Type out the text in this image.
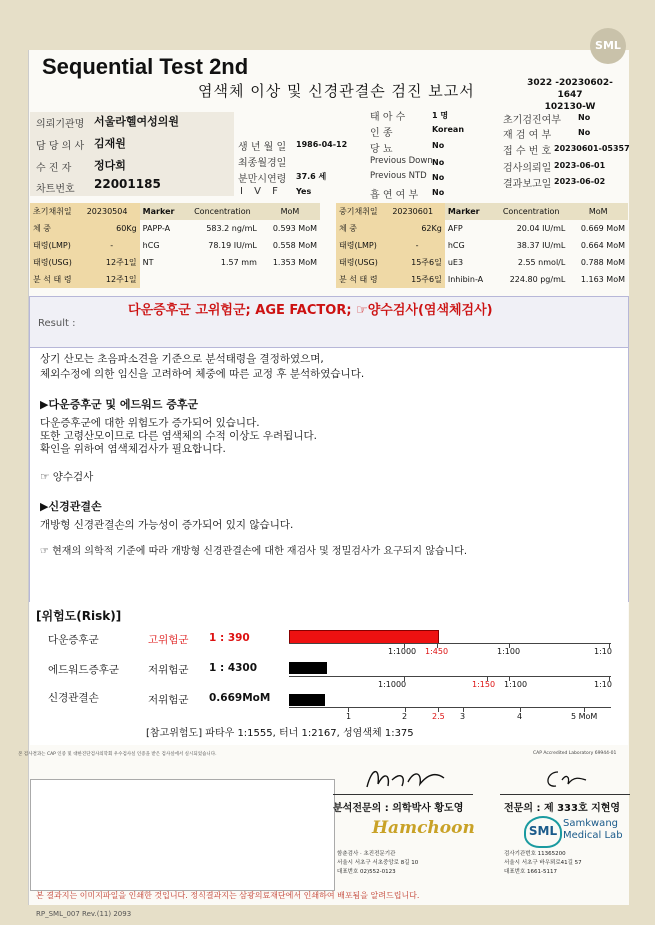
SML
Sequential Test 2nd
염색체 이상 및 신경관결손 검진 보고서	3022 -20230602-1647
102130-W
의뢰기관명 서울라헬여성의원
담 당 의 사 김재원
수 진 자 정다희
차트번호 22001185
생 년 월 일 1986-04-12
최종월경일
분만시연령 37.6 세
I V F Yes
태 아 수	1 명
인 종	Korean
당 뇨	No
Previous Down No
Previous NTD No
흡 연 여 부 No
초기검진여부 No
재 검 여 부	No
접 수 번 호 20230601-05357
검사의뢰일 2023-06-01
결과보고일 2023-06-02
초기채취일	20230504	Marker	Concentration	MoM
체 중	60Kg	PAPP-A	583.2 ng/mL	0.593 MoM
태령(LMP)	-	hCG	78.19 IU/mL	0.558 MoM
태령(USG)	12주1일	NT	1.57 mm	1.353 MoM
분 석 태 령	12주1일			
중기채취일	20230601	Marker	Concentration	MoM
체 중	62Kg	AFP	20.04 IU/mL	0.669 MoM
태령(LMP)	-	hCG	38.37 IU/mL	0.664 MoM
태령(USG)	15주6일	uE3	2.55 nmol/L	0.788 MoM
분 석 태 령	15주6일	Inhibin-A	224.80 pg/mL	1.163 MoM
Result :
다운증후군 고위험군; AGE FACTOR; ☞양수검사(염색체검사)
상기 산모는 초음파소견을 기준으로 분석태령을 결정하였으며,
체외수정에 의한 임신을 고려하여 체중에 따른 교정 후 분석하였습니다.
▶다운증후군 및 에드워드 증후군
다운증후군에 대한 위험도가 증가되어 있습니다.
또한 고령산모이므로 다른 염색체의 수적 이상도 우려됩니다.
확인을 위하여 염색체검사가 필요합니다.
☞ 양수검사
▶신경관결손
개방형 신경관결손의 가능성이 증가되어 있지 않습니다.
☞ 현재의 의학적 기준에 따라 개방형 신경관결손에 대한 재검사 및 정밀검사가 요구되지 않습니다.
[위험도(Risk)]
다운증후군	고위험군 1 : 390
에드워드증후군	저위험군 1 : 4300
신경관결손	저위험군 0.669MoM
1:1000 1:450	1:100	1:10
1:1000	1:150 1:100	1:10
1	2	2.5 3	4	5 MoM
[참고위험도] 파타우 1:1555, 터너 1:2167, 성염색체 1:375
본 검사결과는 CAP 인증 및 대한진단검사의학회 우수검사실 인증을 받은 검사실에서 실시되었습니다.	CAP Accredited Laboratory 69944-01
분석전문의 : 의학박사 황도영	전문의 : 제 333호 지현영
Hamchoon
함춘검사 · 초진전문기관
서울시 서초구 서초중앙로 8길 10
대표번호 02)552-0123
SML
Samkwang
Medical Lab
검사기관번호 11365200
서울시 서초구 바우뫼로41길 57
대표번호 1661-5117
본 결과지는 이미지파일을 인쇄한 것입니다. 정식결과지는 삼광의료재단에서 인쇄하여 배포됨을 알려드립니다.
RP_SML_007 Rev.(11) 2093
